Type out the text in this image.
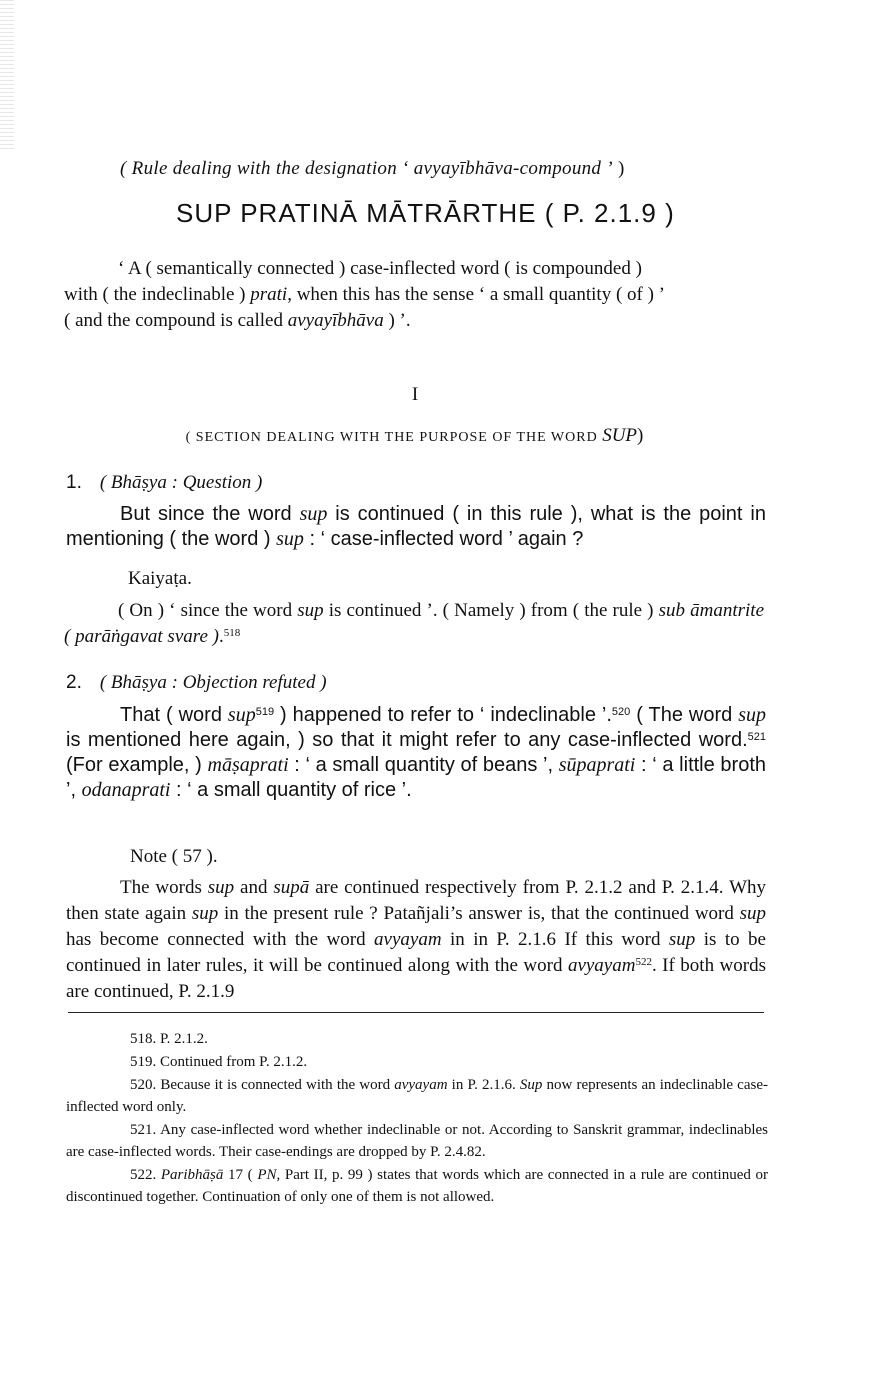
( Rule dealing with the designation ‘ avyayībhāva-compound ’ )
SUP PRATINĀ MĀTRĀRTHE ( P. 2.1.9 )

‘ A ( semantically connected ) case-inflected word ( is compounded )

with ( the indeclinable ) prati, when this has the sense ‘ a small quantity ( of ) ’

( and the compound is called avyayībhāva ) ’.

I
( SECTION DEALING WITH THE PURPOSE OF THE WORD SUP)
1. ( Bhāṣya : Question )

But since the word sup is continued ( in this rule ), what is the point in mentioning ( the word ) sup : ‘ case-inflected word ’ again ?

Kaiyaṭa.

( On ) ‘ since the word sup is continued ’. ( Namely ) from ( the rule ) sub āmantrite ( parāṅgavat svare ).$^{518}$

2. ( Bhāṣya : Objection refuted )

That ( word sup$^{519}$ ) happened to refer to ‘ indeclinable ’.$^{520}$ ( The word sup is mentioned here again, ) so that it might refer to any case-inflected word.$^{521}$ (For example, ) māṣaprati : ‘ a small quantity of beans ’, sūpaprati : ‘ a little broth ’, odanaprati : ‘ a small quantity of rice ’.

Note ( 57 ).

The words sup and supā are continued respectively from P. 2.1.2 and P. 2.1.4. Why then state again sup in the present rule ? Patañjali’s answer is, that the continued word sup has become connected with the word avyayam in in P. 2.1.6 If this word sup is to be continued in later rules, it will be continued along with the word avyayam$^{522}$. If both words are continued, P. 2.1.9

518. P. 2.1.2.

519. Continued from P. 2.1.2.

520. Because it is connected with the word avyayam in P. 2.1.6. Sup now represents an indeclinable case-inflected word only.

521. Any case-inflected word whether indeclinable or not. According to Sanskrit grammar, indeclinables are case-inflected words. Their case-endings are dropped by P. 2.4.82.

522. Paribhāṣā 17 ( PN, Part II, p. 99 ) states that words which are connected in a rule are continued or discontinued together. Continuation of only one of them is not allowed.
